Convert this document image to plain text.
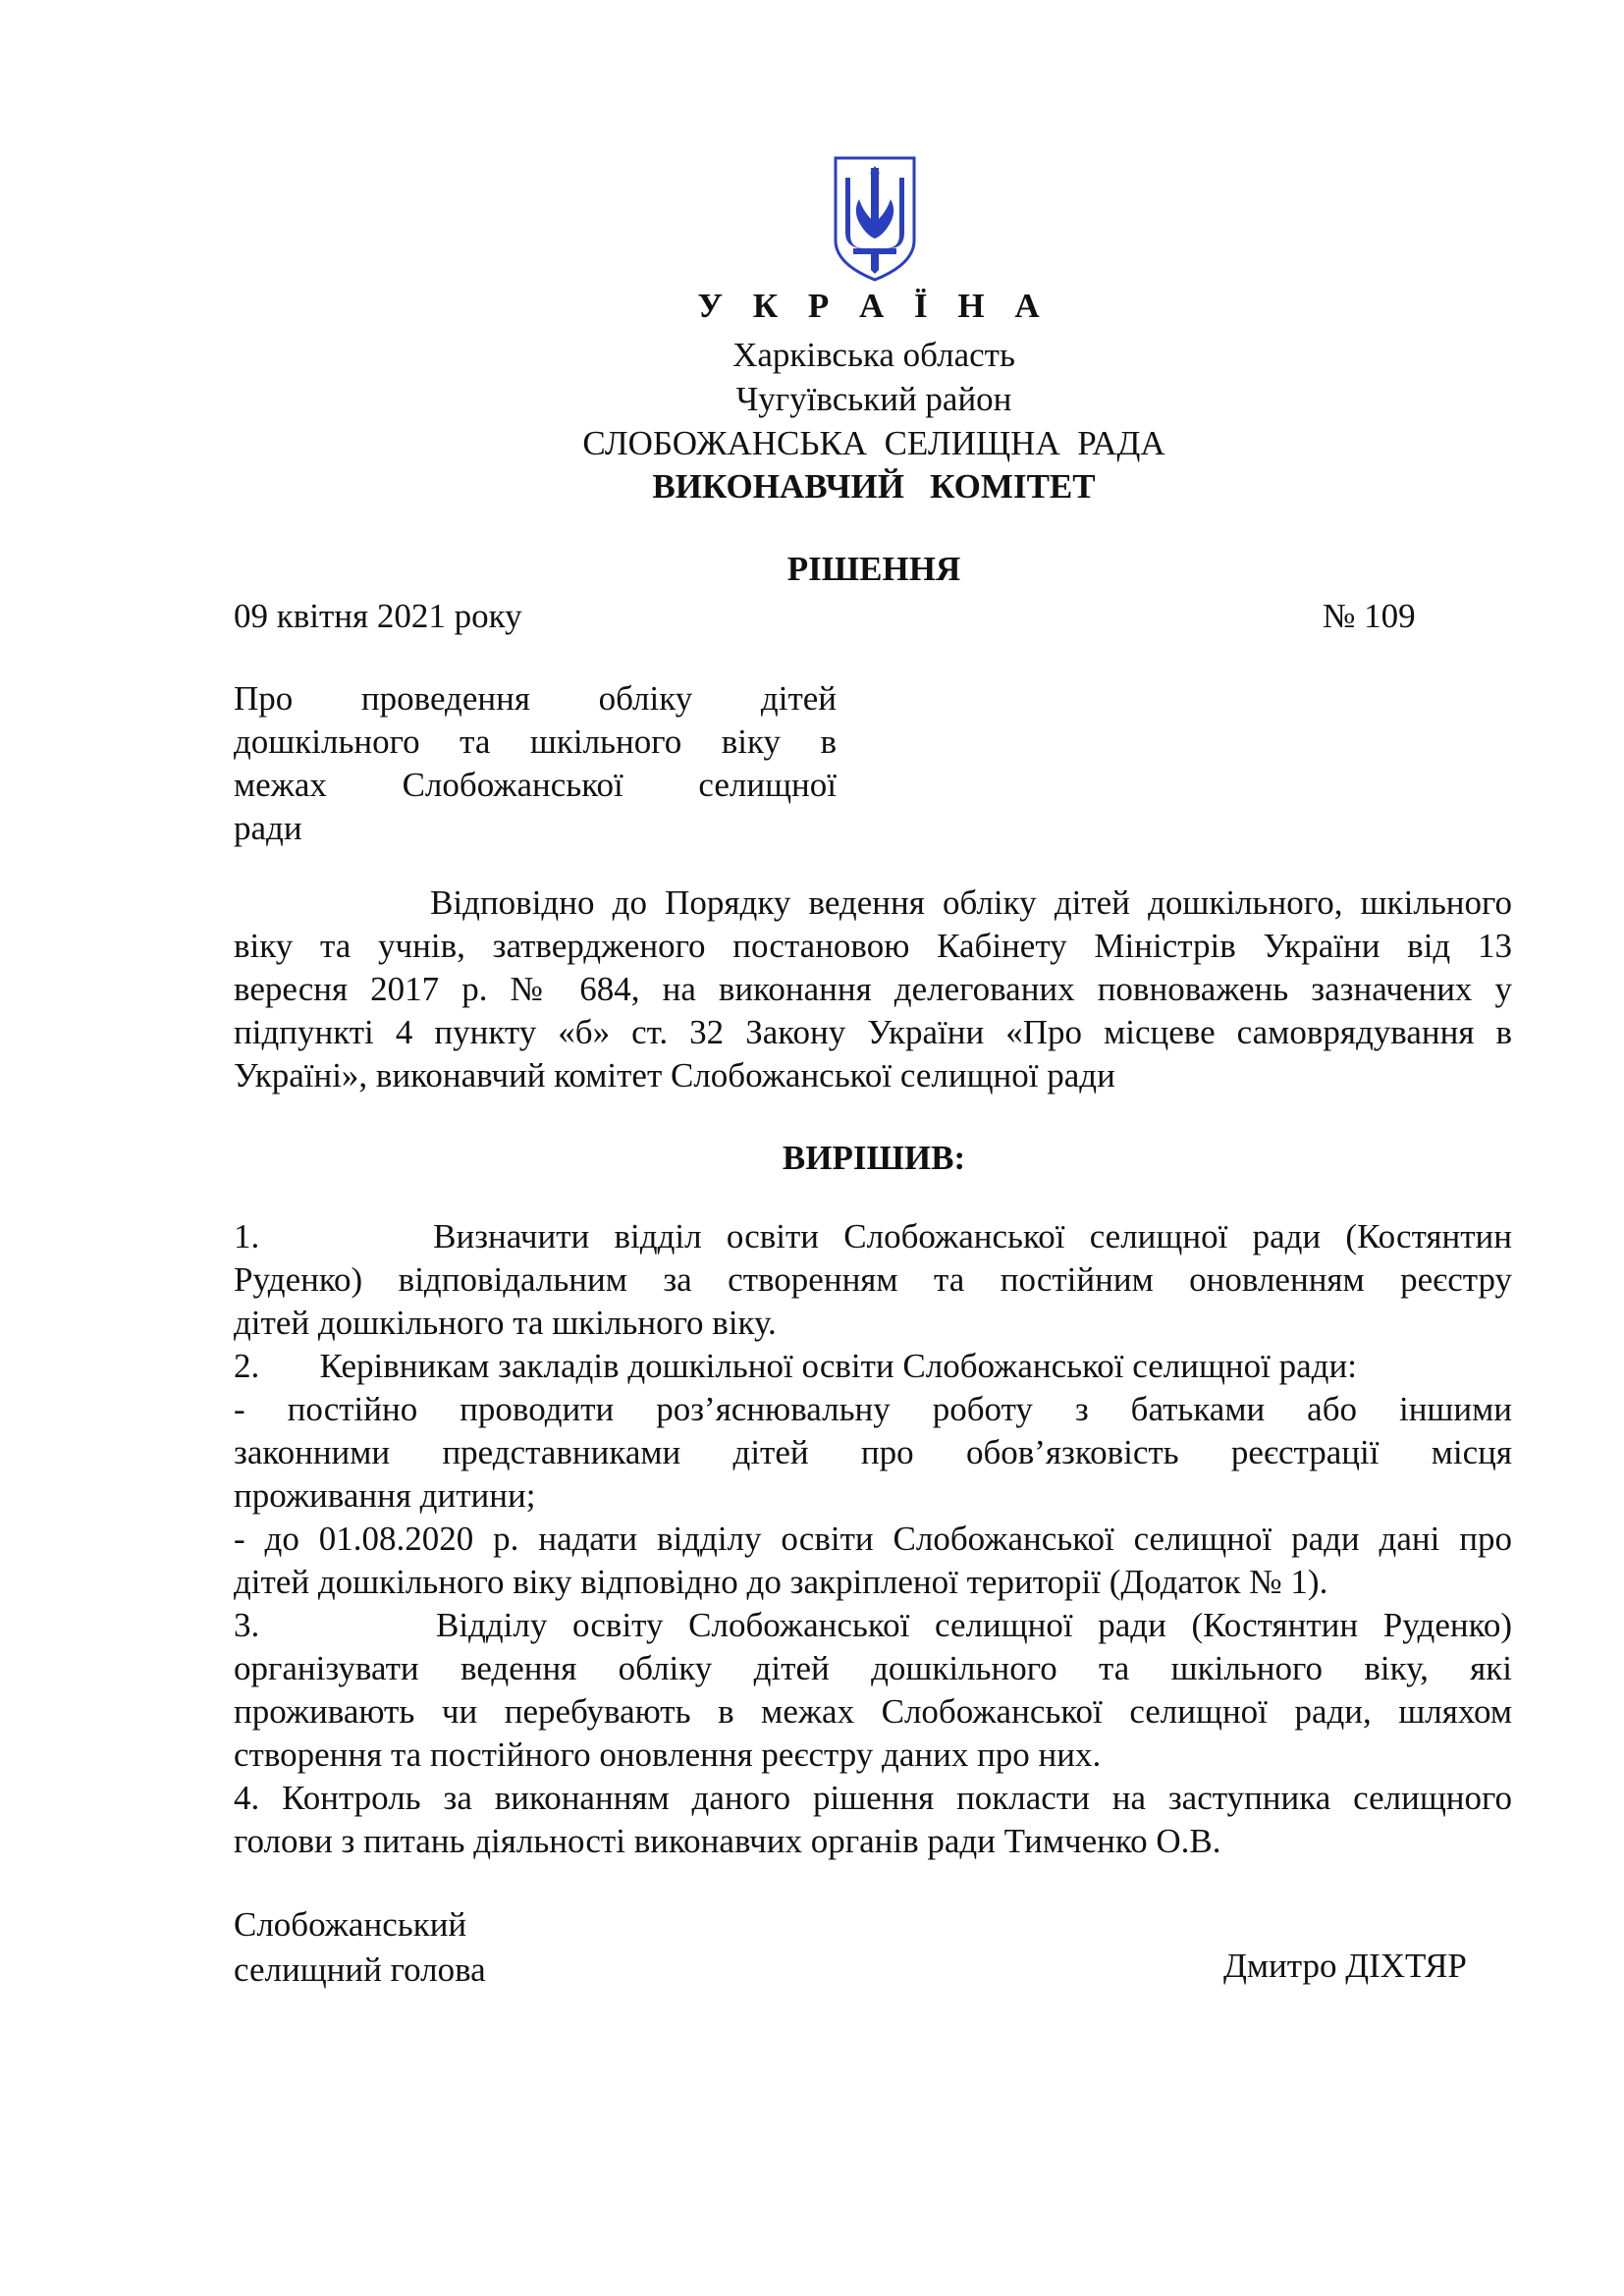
У К Р А Ї Н А
Харківська область
Чугуївський район
СЛОБОЖАНСЬКА  СЕЛИЩНА  РАДА
ВИКОНАВЧИЙ   КОМІТЕТ
РІШЕННЯ
09 квітня 2021 року	№ 109
Про проведення обліку дітей
дошкільного та шкільного віку в
межах Слобожанської селищної
ради
Відповідно до Порядку ведення обліку дітей дошкільного, шкільного
віку та учнів, затвердженого постановою Кабінету Міністрів України від 13
вересня 2017 р. № 684, на виконання делегованих повноважень зазначених у
підпункті 4 пункту «б» ст. 32 Закону України «Про місцеве самоврядування в
Україні», виконавчий комітет Слобожанської селищної ради
ВИРІШИВ:
1.       Визначити відділ освіти Слобожанської селищної ради (Костянтин
Руденко) відповідальним за створенням та постійним оновленням реєстру
дітей дошкільного та шкільного віку.
2.       Керівникам закладів дошкільної освіти Слобожанської селищної ради:
- постійно проводити роз’яснювальну роботу з батьками або іншими
законними представниками дітей про обов’язковість реєстрації місця
проживання дитини;
- до 01.08.2020 р. надати відділу освіти Слобожанської селищної ради дані про
дітей дошкільного віку відповідно до закріпленої території (Додаток № 1).
3.       Відділу освіту Слобожанської селищної ради (Костянтин Руденко)
організувати ведення обліку дітей дошкільного та шкільного віку, які
проживають чи перебувають в межах Слобожанської селищної ради, шляхом
створення та постійного оновлення реєстру даних про них.
4. Контроль за виконанням даного рішення покласти на заступника селищного
голови з питань діяльності виконавчих органів ради Тимченко О.В.
Слобожанський
селищний голова	Дмитро ДІХТЯР
